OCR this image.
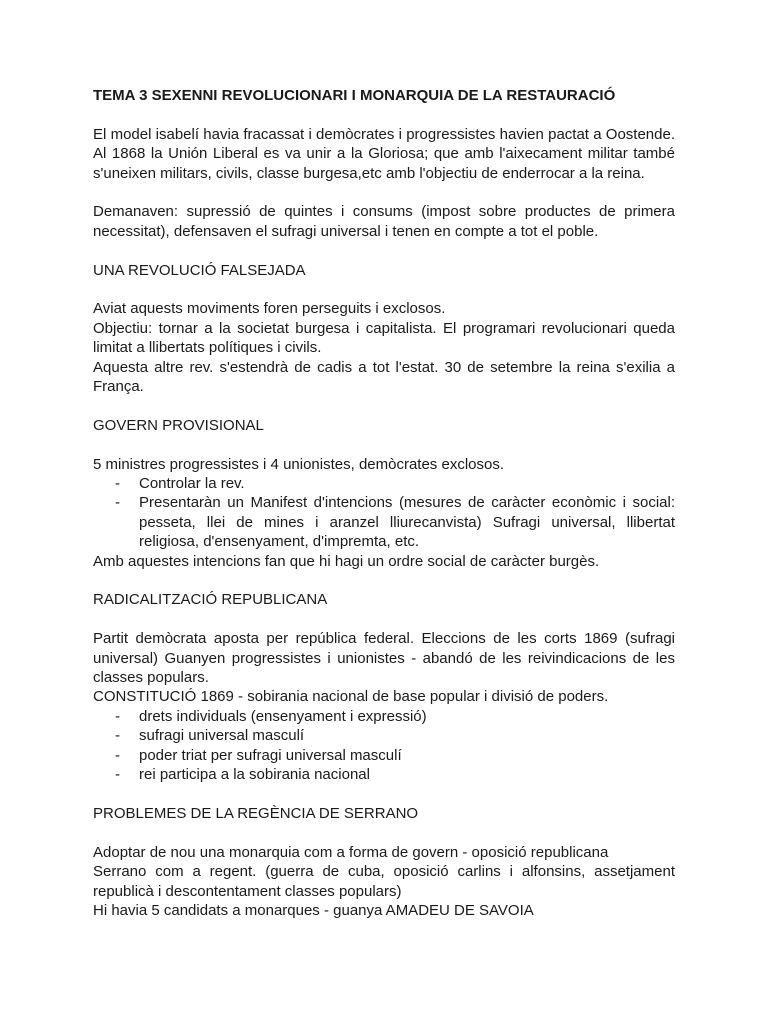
TEMA 3 SEXENNI REVOLUCIONARI I MONARQUIA DE LA RESTAURACIÓ

El model isabelí havia fracassat i demòcrates i progressistes havien pactat a Oostende. Al 1868 la Unión Liberal es va unir a la Gloriosa; que amb l'aixecament militar també s'uneixen militars, civils, classe burgesa,etc amb l'objectiu de enderrocar a la reina.

Demanaven: supressió de quintes i consums (impost sobre productes de primera necessitat), defensaven el sufragi universal i tenen en compte a tot el poble.

UNA REVOLUCIÓ FALSEJADA

Aviat aquests moviments foren perseguits i exclosos.

Objectiu: tornar a la societat burgesa i capitalista. El programari revolucionari queda limitat a llibertats polítiques i civils.

Aquesta altre rev. s'estendrà de cadis a tot l'estat. 30 de setembre la reina s'exilia a França.

GOVERN PROVISIONAL

5 ministres progressistes i 4 unionistes, demòcrates exclosos.

- Controlar la rev.
- Presentaràn un Manifest d'intencions (mesures de caràcter econòmic i social: pesseta, llei de mines i aranzel lliurecanvista) Sufragi universal, llibertat religiosa, d'ensenyament, d'impremta, etc.

Amb aquestes intencions fan que hi hagi un ordre social de caràcter burgès.

RADICALITZACIÓ REPUBLICANA

Partit demòcrata aposta per república federal. Eleccions de les corts 1869 (sufragi universal) Guanyen progressistes i unionistes - abandó de les reivindicacions de les classes populars.

CONSTITUCIÓ 1869 - sobirania nacional de base popular i divisió de poders.

- drets individuals (ensenyament i expressió)
- sufragi universal masculí
- poder triat per sufragi universal masculí
- rei participa a la sobirania nacional
PROBLEMES DE LA REGÈNCIA DE SERRANO

Adoptar de nou una monarquia com a forma de govern - oposició republicana

Serrano com a regent. (guerra de cuba, oposició carlins i alfonsins, assetjament republicà i descontentament classes populars)

Hi havia 5 candidats a monarques - guanya AMADEU DE SAVOIA
